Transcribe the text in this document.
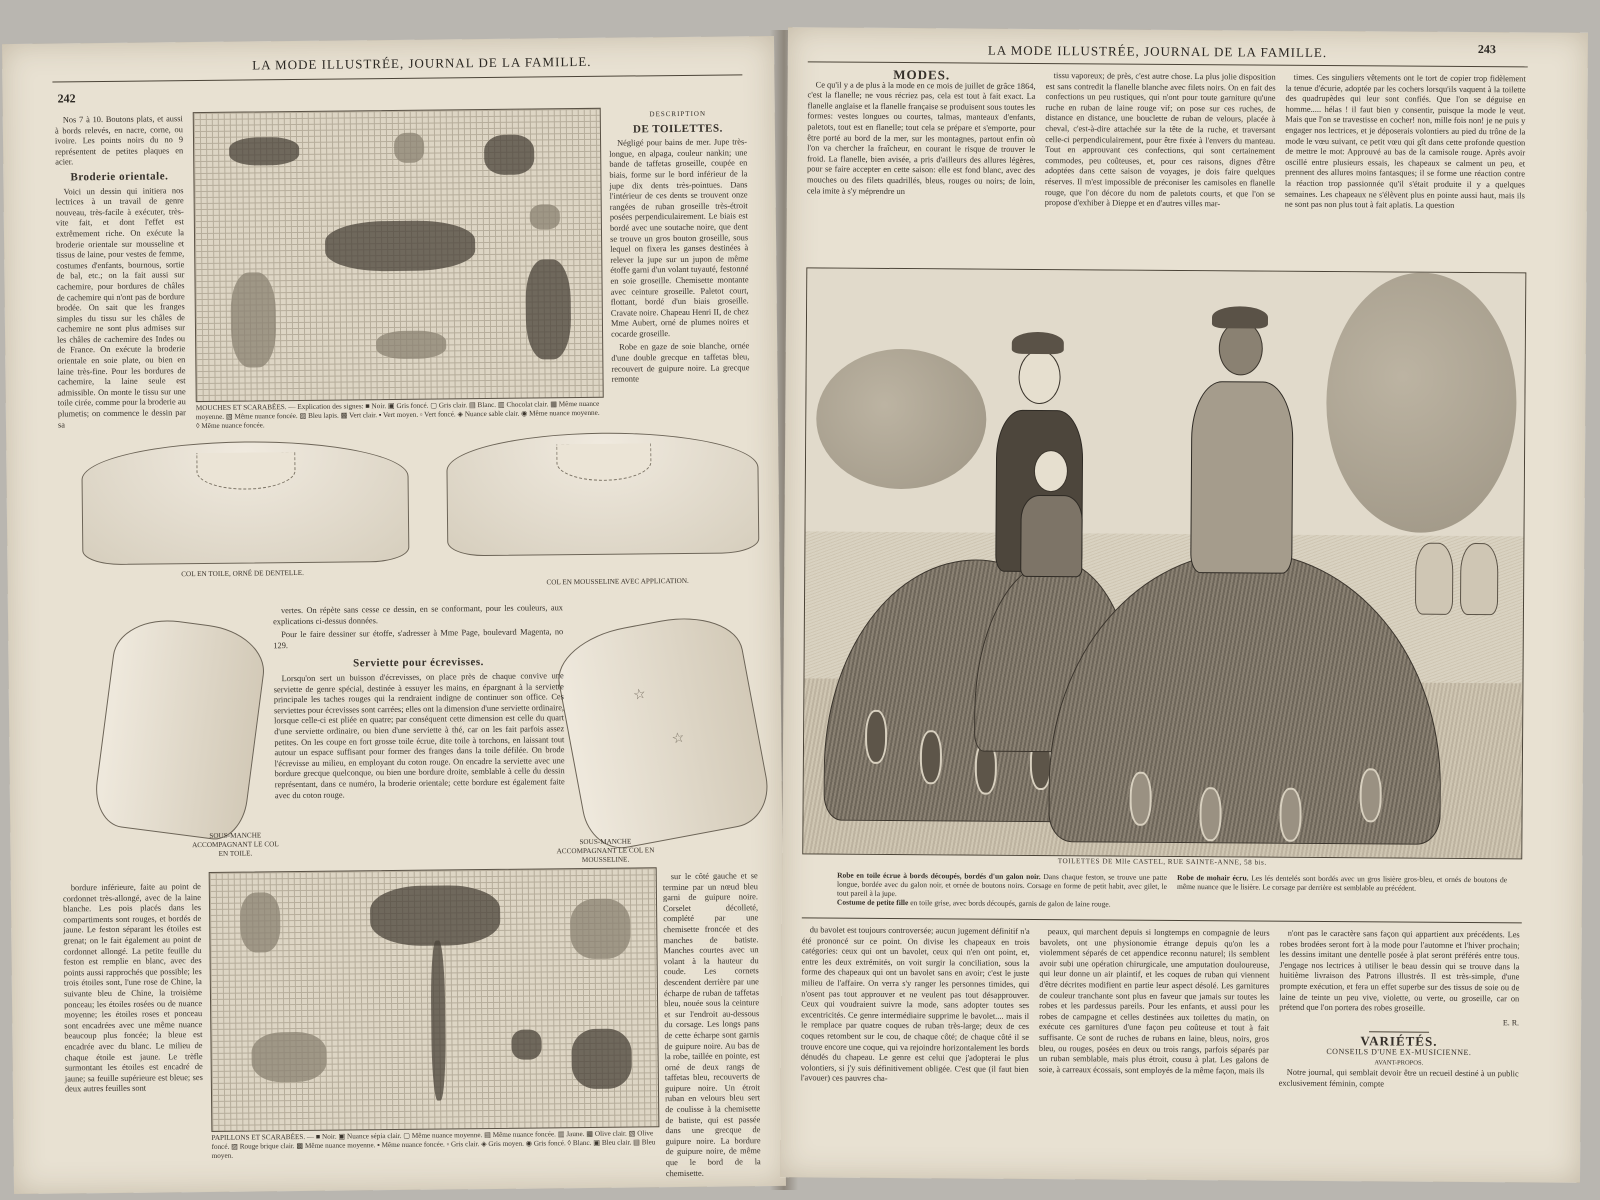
242
LA MODE ILLUSTRÉE, JOURNAL DE LA FAMILLE.

Nos 7 à 10. Boutons plats, et aussi à bords relevés, en nacre, corne, ou ivoire. Les points noirs du no 9 représentent de petites plaques en acier.

Broderie orientale.

Voici un dessin qui initiera nos lectrices à un travail de genre nouveau, très-facile à exécuter, très-vite fait, et dont l'effet est extrêmement riche. On exécute la broderie orientale sur mousseline et tissus de laine, pour vestes de femme, costumes d'enfants, bournous, sortie de bal, etc.; on la fait aussi sur cachemire, pour bordures de châles de cachemire qui n'ont pas de bordure brodée. On sait que les franges simples du tissu sur les châles de cachemire ne sont plus admises sur les châles de cachemire des Indes ou de France. On exécute la broderie orientale en soie plate, ou bien en laine très-fine. Pour les bordures de cachemire, la laine seule est admissible. On monte le tissu sur une toile cirée, comme pour la broderie au plumetis; on commence le dessin par sa

MOUCHES ET SCARABÉES. — Explication des signes: ■ Noir. ▣ Gris foncé. ▢ Gris clair. ▤ Blanc. ▥ Chocolat clair. ▦ Même nuance moyenne. ▧ Même nuance foncée. ▨ Bleu lapis. ▩ Vert clair. ▪ Vert moyen. ▫ Vert foncé. ◈ Nuance sable clair. ◉ Même nuance moyenne. ◊ Même nuance foncée.
DESCRIPTION
DE TOILETTES.

Négligé pour bains de mer. Jupe très-longue, en alpaga, couleur nankin; une bande de taffetas groseille, coupée en biais, forme sur le bord inférieur de la jupe dix dents très-pointues. Dans l'intérieur de ces dents se trouvent onze rangées de ruban groseille très-étroit posées perpendiculairement. Le biais est bordé avec une soutache noire, que dent se trouve un gros bouton groseille, sous lequel on fixera les ganses destinées à relever la jupe sur un jupon de même étoffe garni d'un volant tuyauté, festonné en soie groseille. Chemisette montante avec ceinture groseille. Paletot court, flottant, bordé d'un biais groseille. Cravate noire. Chapeau Henri II, de chez Mme Aubert, orné de plumes noires et cocarde groseille.

Robe en gaze de soie blanche, ornée d'une double grecque en taffetas bleu, recouvert de guipure noire. La grecque remonte

COL EN TOILE, ORNÉ DE DENTELLE.
COL EN MOUSSELINE AVEC APPLICATION.
SOUS-MANCHE ACCOMPAGNANT LE COL EN TOILE.
☆
☆
SOUS-MANCHE ACCOMPAGNANT LE COL EN MOUSSELINE.

vertes. On répète sans cesse ce dessin, en se conformant, pour les couleurs, aux explications ci-dessus données.

Pour le faire dessiner sur étoffe, s'adresser à Mme Page, boulevard Magenta, no 129.

Serviette pour écrevisses.

Lorsqu'on sert un buisson d'écrevisses, on place près de chaque convive une serviette de genre spécial, destinée à essuyer les mains, en épargnant à la serviette principale les taches rouges qui la rendraient indigne de continuer son office. Ces serviettes pour écrevisses sont carrées; elles ont la dimension d'une serviette ordinaire, lorsque celle-ci est pliée en quatre; par conséquent cette dimension est celle du quart d'une serviette ordinaire, ou bien d'une serviette à thé, car on les fait parfois assez petites. On les coupe en fort grosse toile écrue, dite toile à torchons, en laissant tout autour un espace suffisant pour former des franges dans la toile défilée. On brode l'écrevisse au milieu, en employant du coton rouge. On encadre la serviette avec une bordure grecque quelconque, ou bien une bordure droite, semblable à celle du dessin représentant, dans ce numéro, la broderie orientale; cette bordure est également faite avec du coton rouge.

bordure inférieure, faite au point de cordonnet très-allongé, avec de la laine blanche. Les pois placés dans les compartiments sont rouges, et bordés de jaune. Le feston séparant les étoiles est grenat; on le fait également au point de cordonnet allongé. La petite feuille du feston est remplie en blanc, avec des points aussi rapprochés que possible; les trois étoiles sont, l'une rose de Chine, la suivante bleu de Chine, la troisième ponceau; les étoiles rosées ou de nuance moyenne; les étoiles roses et ponceau sont encadrées avec une même nuance beaucoup plus foncée; la bleue est encadrée avec du blanc. Le milieu de chaque étoile est jaune. Le trèfle surmontant les étoiles est encadré de jaune; sa feuille supérieure est bleue; ses deux autres feuilles sont

PAPILLONS ET SCARABÉES. — ■ Noir. ▣ Nuance sépia clair. ▢ Même nuance moyenne. ▤ Même nuance foncée. ▥ Jaune. ▦ Olive clair. ▧ Olive foncé. ▨ Rouge brique clair. ▩ Même nuance moyenne. ▪ Même nuance foncée. ▫ Gris clair. ◈ Gris moyen. ◉ Gris foncé. ◊ Blanc. ▣ Bleu clair. ▤ Bleu moyen.

sur le côté gauche et se termine par un nœud bleu garni de guipure noire. Corselet décolleté, complété par une chemisette froncée et des manches de batiste. Manches courtes avec un volant à la hauteur du coude. Les cornets descendent derrière par une écharpe de ruban de taffetas bleu, nouée sous la ceinture et sur l'endroit au-dessous du corsage. Les longs pans de cette écharpe sont garnis de guipure noire. Au bas de la robe, taillée en pointe, est orné de deux rangs de taffetas bleu, recouverts de guipure noire. Un étroit ruban en velours bleu sert de coulisse à la chemisette de batiste, qui est passée dans une grecque de guipure noire. La bordure de guipure noire, de même que le bord de la chemisette.

LA MODE ILLUSTRÉE, JOURNAL DE LA FAMILLE.	243
MODES.

Ce qu'il y a de plus à la mode en ce mois de juillet de grâce 1864, c'est la flanelle; ne vous récriez pas, cela est tout à fait exact. La flanelle anglaise et la flanelle française se produisent sous toutes les formes: vestes longues ou courtes, talmas, manteaux d'enfants, paletots, tout est en flanelle; tout cela se prépare et s'emporte, pour être porté au bord de la mer, sur les montagnes, partout enfin où l'on va chercher la fraîcheur, en courant le risque de trouver le froid. La flanelle, bien avisée, a pris d'ailleurs des allures légères, pour se faire accepter en cette saison: elle est fond blanc, avec des mouches ou des filets quadrillés, bleus, rouges ou noirs; de loin, cela imite à s'y méprendre un

tissu vaporeux; de près, c'est autre chose. La plus jolie disposition est sans contredit la flanelle blanche avec filets noirs. On en fait des confections un peu rustiques, qui n'ont pour toute garniture qu'une ruche en ruban de laine rouge vif; on pose sur ces ruches, de distance en distance, une bouclette de ruban de velours, placée à cheval, c'est-à-dire attachée sur la tête de la ruche, et traversant celle-ci perpendiculairement, pour être fixée à l'envers du manteau. Tout en approuvant ces confections, qui sont certainement commodes, peu coûteuses, et, pour ces raisons, dignes d'être adoptées dans cette saison de voyages, je dois faire quelques réserves. Il m'est impossible de préconiser les camisoles en flanelle rouge, que l'on décore du nom de paletots courts, et que l'on se propose d'exhiber à Dieppe et en d'autres villes mar-

times. Ces singuliers vêtements ont le tort de copier trop fidèlement la tenue d'écurie, adoptée par les cochers lorsqu'ils vaquent à la toilette des quadrupèdes qui leur sont confiés. Que l'on se déguise en homme..... hélas ! il faut bien y consentir, puisque la mode le veut. Mais que l'on se travestisse en cocher! non, mille fois non! je ne puis y engager nos lectrices, et je déposerais volontiers au pied du trône de la mode le vœu suivant, ce petit vœu qui gît dans cette profonde question de mettre le mot: Approuvé au bas de la camisole rouge. Après avoir oscillé entre plusieurs essais, les chapeaux se calment un peu, et prennent des allures moins fantasques; il se forme une réaction contre la réaction trop passionnée qu'il s'était produite il y a quelques semaines. Les chapeaux ne s'élèvent plus en pointe aussi haut, mais ils ne sont pas non plus tout à fait aplatis. La question

TOILETTES DE Mlle CASTEL, RUE SAINTE-ANNE, 58 bis.
Robe en toile écrue à bords découpés, bordés d'un galon noir. Dans chaque feston, se trouve une patte longue, bordée avec du galon noir, et ornée de boutons noirs. Corsage en forme de petit habit, avec gilet, le tout pareil à la jupe.
Costume de petite fille en toile grise, avec bords découpés, garnis de galon de laine rouge.
Robe de mohair écru. Les lés dentelés sont bordés avec un gros lisière gros-bleu, et ornés de boutons de même nuance que le lisière. Le corsage par derrière est semblable au précédent.

du bavolet est toujours controversée; aucun jugement définitif n'a été prononcé sur ce point. On divise les chapeaux en trois catégories: ceux qui ont un bavolet, ceux qui n'en ont point, et, entre les deux extrémités, on voit surgir la conciliation, sous la forme des chapeaux qui ont un bavolet sans en avoir; c'est le juste milieu de l'affaire. On verra s'y ranger les personnes timides, qui n'osent pas tout approuver et ne veulent pas tout désapprouver. Ceux qui voudraient suivre la mode, sans adopter toutes ses excentricités. Ce genre intermédiaire supprime le bavolet.... mais il le remplace par quatre coques de ruban très-large; deux de ces coques retombent sur le cou, de chaque côté; de chaque côté il se trouve encore une coque, qui va rejoindre horizontalement les bords dénudés du chapeau. Le genre est celui que j'adopterai le plus volontiers, si j'y suis définitivement obligée. C'est que (il faut bien l'avouer) ces pauvres cha-

peaux, qui marchent depuis si longtemps en compagnie de leurs bavolets, ont une physionomie étrange depuis qu'on les a violemment séparés de cet appendice reconnu naturel; ils semblent avoir subi une opération chirurgicale, une amputation douloureuse, qui leur donne un air plaintif, et les coques de ruban qui viennent d'être décrites modifient en partie leur aspect désolé. Les garnitures de couleur tranchante sont plus en faveur que jamais sur toutes les robes et les pardessus pareils. Pour les enfants, et aussi pour les robes de campagne et celles destinées aux toilettes du matin, on exécute ces garnitures d'une façon peu coûteuse et tout à fait suffisante. Ce sont de ruches de rubans en laine, bleus, noirs, gros bleu, ou rouges, posées en deux ou trois rangs, parfois séparés par un ruban semblable, mais plus étroit, cousu à plat. Les galons de soie, à carreaux écossais, sont employés de la même façon, mais ils

n'ont pas le caractère sans façon qui appartient aux précédents. Les robes brodées seront fort à la mode pour l'automne et l'hiver prochain; les dessins imitant une dentelle posée à plat seront préférés entre tous. J'engage nos lectrices à utiliser le beau dessin qui se trouve dans la huitième livraison des Patrons illustrés. Il est très-simple, d'une prompte exécution, et fera un effet superbe sur des tissus de soie ou de laine de teinte un peu vive, violette, ou verte, ou groseille, car on prétend que l'on portera des robes groseille.

E. R.
VARIÉTÉS.
CONSEILS D'UNE EX-MUSICIENNE.
AVANT-PROPOS.

Notre journal, qui semblait devoir être un recueil destiné à un public exclusivement féminin, compte
